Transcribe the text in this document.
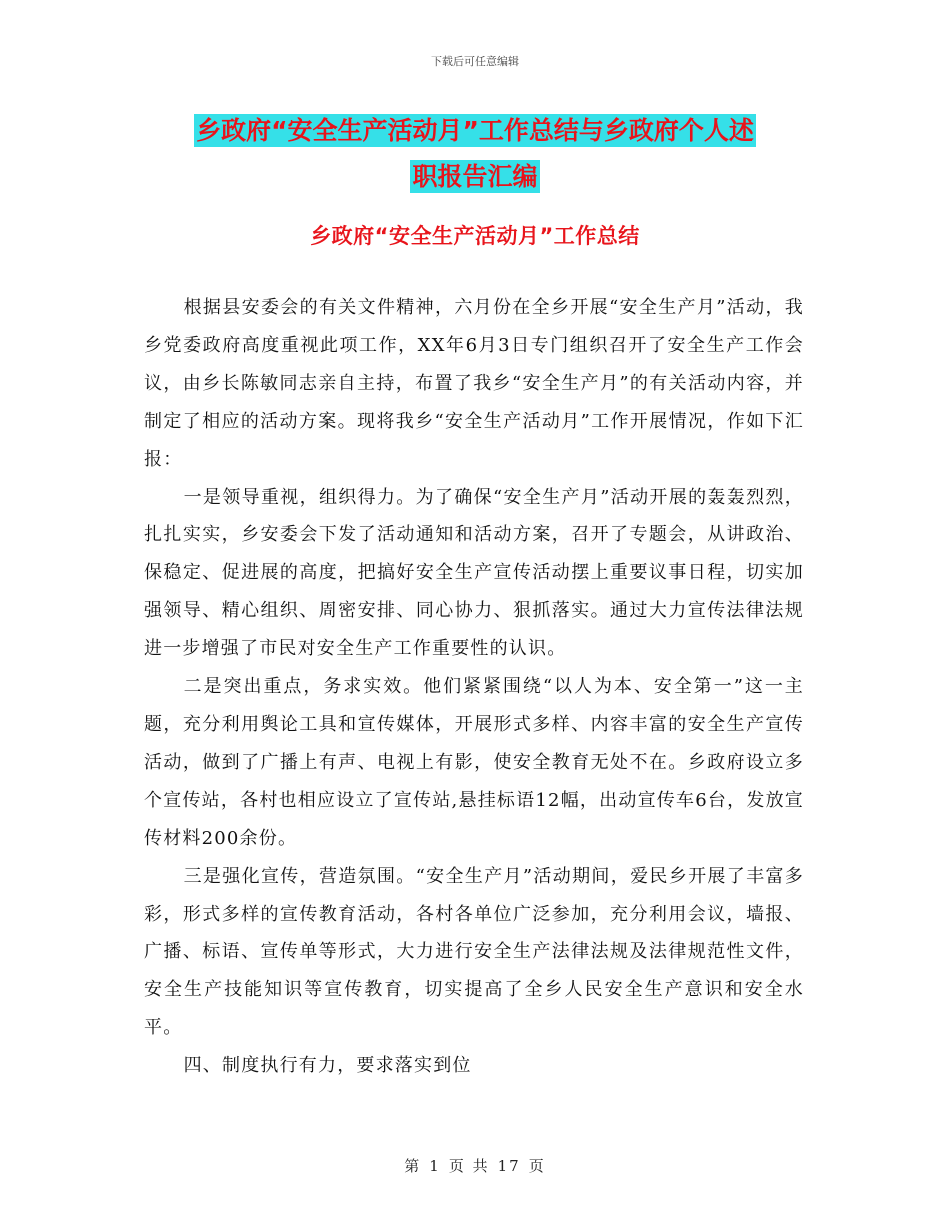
下载后可任意编辑
乡政府“安全生产活动月”工作总结与乡政府个人述
职报告汇编
乡政府“安全生产活动月”工作总结

根据县安委会的有关文件精神，六月份在全乡开展“安全生产月”活动，我乡党委政府高度重视此项工作，XX年6月3日专门组织召开了安全生产工作会议，由乡长陈敏同志亲自主持，布置了我乡“安全生产月”的有关活动内容，并制定了相应的活动方案。现将我乡“安全生产活动月”工作开展情况，作如下汇报：

一是领导重视，组织得力。为了确保“安全生产月”活动开展的轰轰烈烈，扎扎实实，乡安委会下发了活动通知和活动方案，召开了专题会，从讲政治、保稳定、促进展的高度，把搞好安全生产宣传活动摆上重要议事日程，切实加强领导、精心组织、周密安排、同心协力、狠抓落实。通过大力宣传法律法规进一步增强了市民对安全生产工作重要性的认识。

二是突出重点，务求实效。他们紧紧围绕“以人为本、安全第一”这一主题，充分利用舆论工具和宣传媒体，开展形式多样、内容丰富的安全生产宣传活动，做到了广播上有声、电视上有影，使安全教育无处不在。乡政府设立多个宣传站，各村也相应设立了宣传站,悬挂标语12幅，出动宣传车6台，发放宣传材料200余份。

三是强化宣传，营造氛围。“安全生产月”活动期间，爱民乡开展了丰富多彩，形式多样的宣传教育活动，各村各单位广泛参加，充分利用会议，墙报、广播、标语、宣传单等形式，大力进行安全生产法律法规及法律规范性文件，安全生产技能知识等宣传教育，切实提高了全乡人民安全生产意识和安全水平。

四、制度执行有力，要求落实到位

第 1 页 共 17 页
